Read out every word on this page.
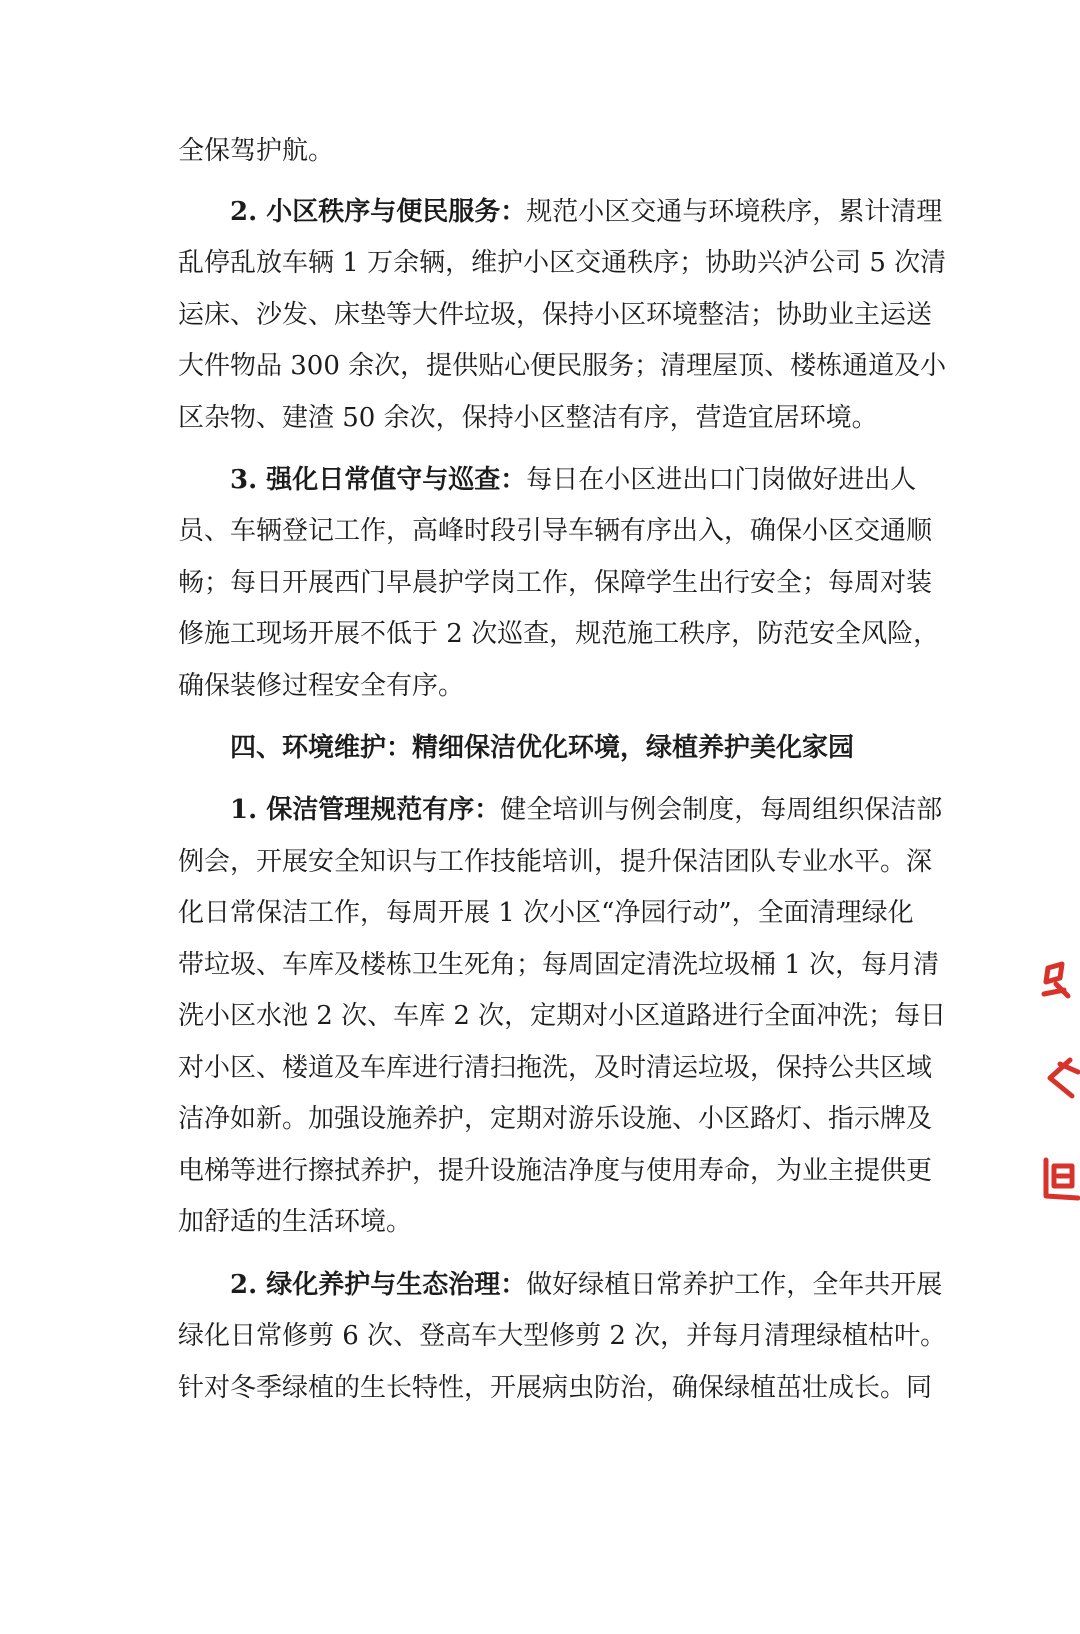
全保驾护航。
2. 小区秩序与便民服务：规范小区交通与环境秩序，累计清理
乱停乱放车辆 1 万余辆，维护小区交通秩序；协助兴泸公司 5 次清
运床、沙发、床垫等大件垃圾，保持小区环境整洁；协助业主运送
大件物品 300 余次，提供贴心便民服务；清理屋顶、楼栋通道及小
区杂物、建渣 50 余次，保持小区整洁有序，营造宜居环境。
3. 强化日常值守与巡查：每日在小区进出口门岗做好进出人
员、车辆登记工作，高峰时段引导车辆有序出入，确保小区交通顺
畅；每日开展西门早晨护学岗工作，保障学生出行安全；每周对装
修施工现场开展不低于 2 次巡查，规范施工秩序，防范安全风险，
确保装修过程安全有序。
四、环境维护：精细保洁优化环境，绿植养护美化家园
1. 保洁管理规范有序：健全培训与例会制度，每周组织保洁部
例会，开展安全知识与工作技能培训，提升保洁团队专业水平。深
化日常保洁工作，每周开展 1 次小区“净园行动”，全面清理绿化
带垃圾、车库及楼栋卫生死角；每周固定清洗垃圾桶 1 次，每月清
洗小区水池 2 次、车库 2 次，定期对小区道路进行全面冲洗；每日
对小区、楼道及车库进行清扫拖洗，及时清运垃圾，保持公共区域
洁净如新。加强设施养护，定期对游乐设施、小区路灯、指示牌及
电梯等进行擦拭养护，提升设施洁净度与使用寿命，为业主提供更
加舒适的生活环境。
2. 绿化养护与生态治理：做好绿植日常养护工作，全年共开展
绿化日常修剪 6 次、登高车大型修剪 2 次，并每月清理绿植枯叶。
针对冬季绿植的生长特性，开展病虫防治，确保绿植茁壮成长。同
